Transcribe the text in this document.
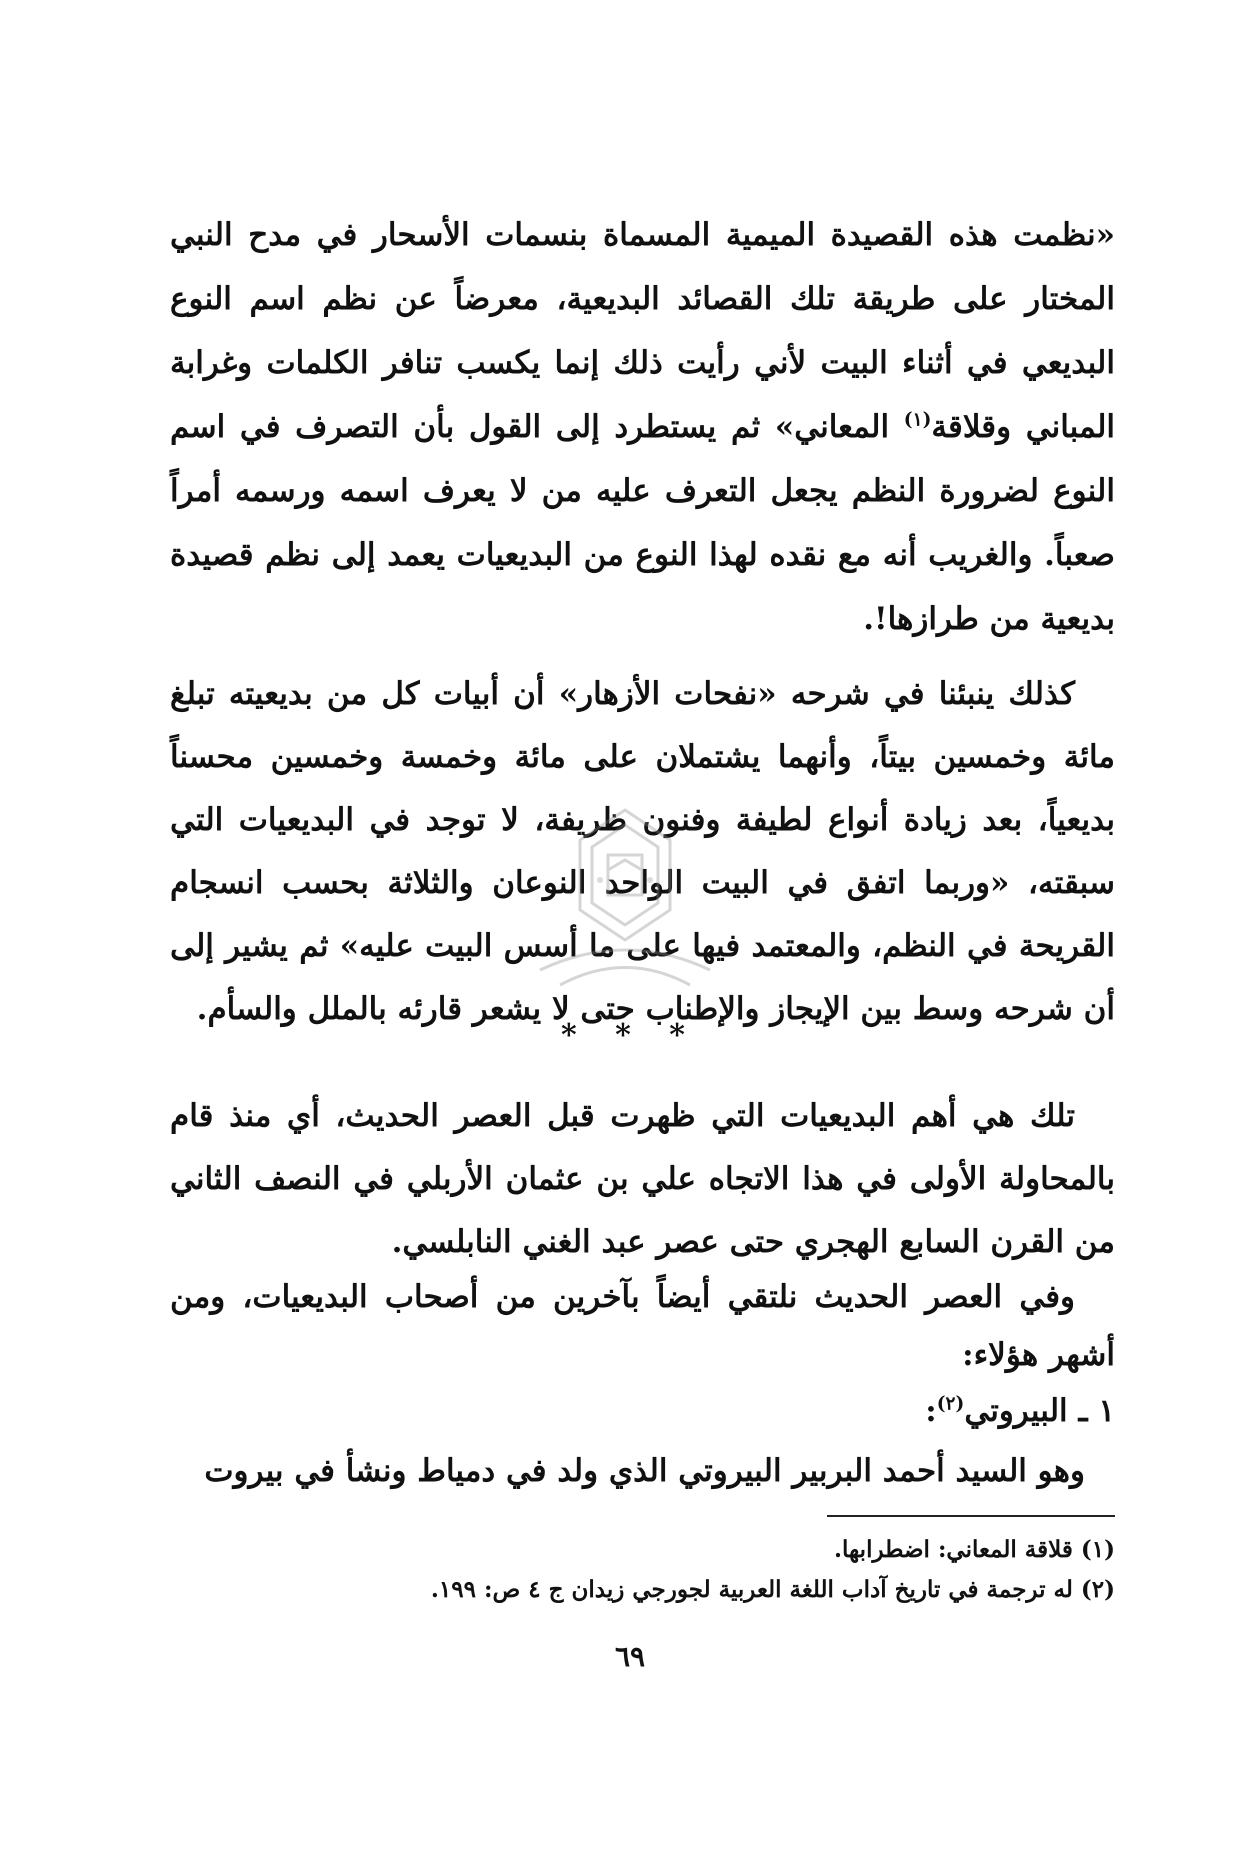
«نظمت هذه القصيدة الميمية المسماة بنسمات الأسحار في مدح النبي المختار على طريقة تلك القصائد البديعية، معرضاً عن نظم اسم النوع البديعي في أثناء البيت لأني رأيت ذلك إنما يكسب تنافر الكلمات وغرابة المباني وقلاقة$^{(١)}$ المعاني» ثم يستطرد إلى القول بأن التصرف في اسم النوع لضرورة النظم يجعل التعرف عليه من لا يعرف اسمه ورسمه أمراً صعباً. والغريب أنه مع نقده لهذا النوع من البديعيات يعمد إلى نظم قصيدة بديعية من طرازها!.

كذلك ينبئنا في شرحه «نفحات الأزهار» أن أبيات كل من بديعيته تبلغ مائة وخمسين بيتاً، وأنهما يشتملان على مائة وخمسة وخمسين محسناً بديعياً، بعد زيادة أنواع لطيفة وفنون ظريفة، لا توجد في البديعيات التي سبقته، «وربما اتفق في البيت الواحد النوعان والثلاثة بحسب انسجام القريحة في النظم، والمعتمد فيها على ما أسس البيت عليه» ثم يشير إلى أن شرحه وسط بين الإيجاز والإطناب حتى لا يشعر قارئه بالملل والسأم.

* * *

تلك هي أهم البديعيات التي ظهرت قبل العصر الحديث، أي منذ قام بالمحاولة الأولى في هذا الاتجاه علي بن عثمان الأربلي في النصف الثاني من القرن السابع الهجري حتى عصر عبد الغني النابلسي.

وفي العصر الحديث نلتقي أيضاً بآخرين من أصحاب البديعيات، ومن أشهر هؤلاء:

١ ـ البيروتي$^{(٢)}$:

وهو السيد أحمد البربير البيروتي الذي ولد في دمياط ونشأ في بيروت

(١) قلاقة المعاني: اضطرابها.

(٢) له ترجمة في تاريخ آداب اللغة العربية لجورجي زيدان ج ٤ ص: ١٩٩.

٦٩
